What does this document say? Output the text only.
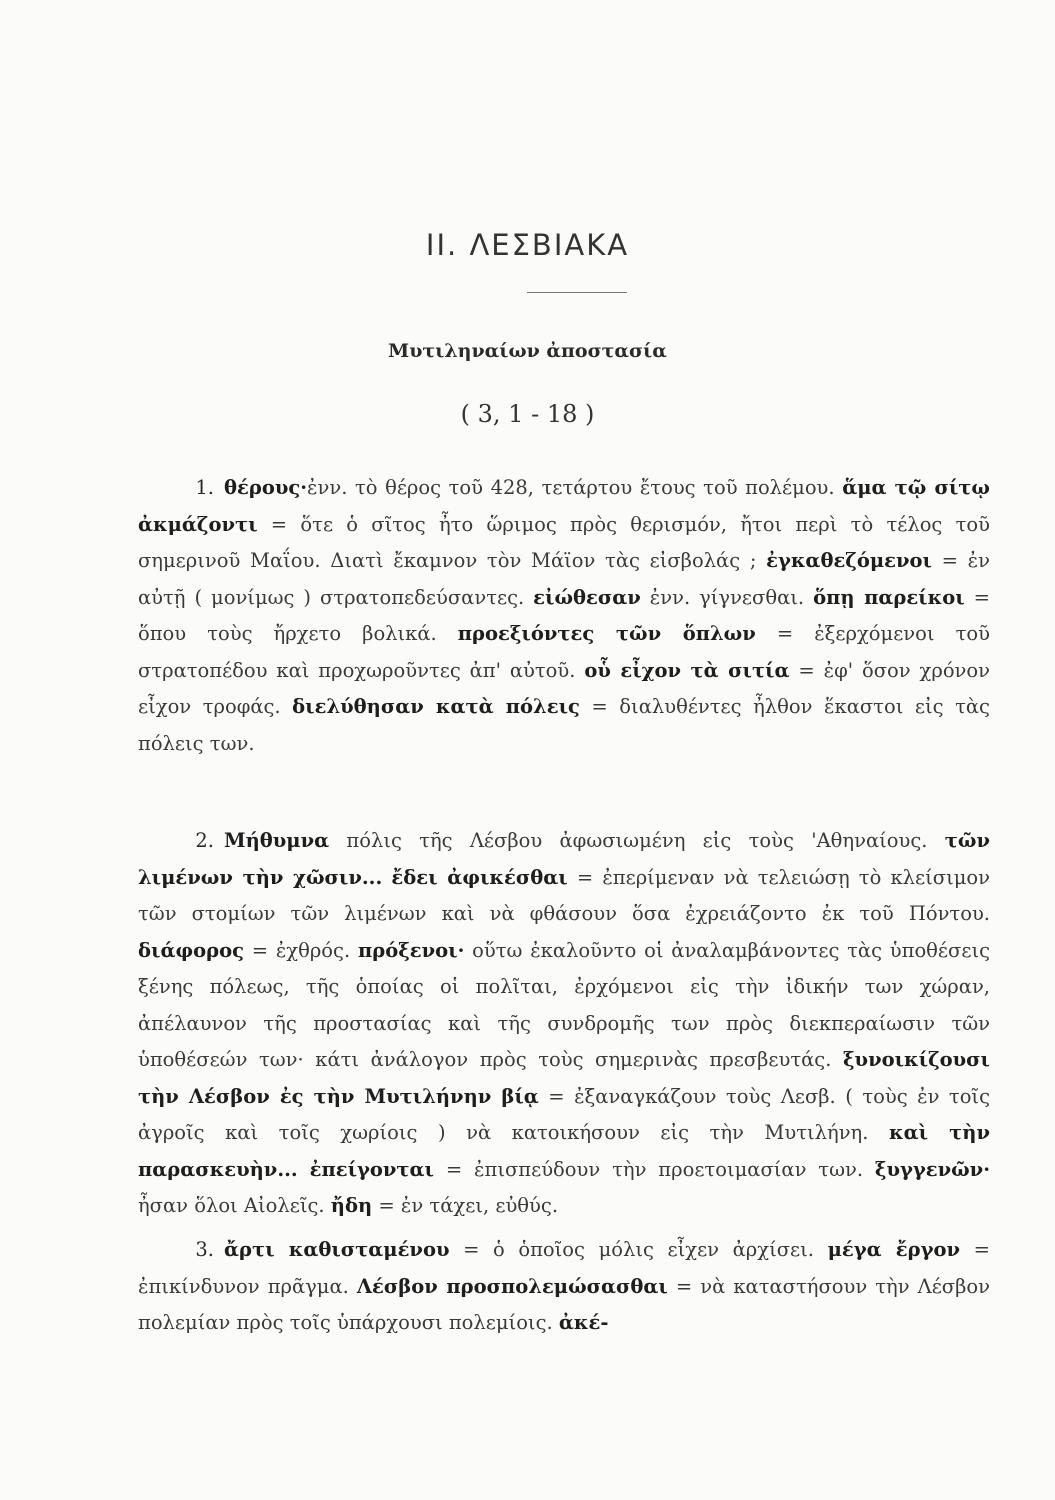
II. ΛΕΣΒΙΑΚΑ
Μυτιληναίων ἀποστασία
( 3, 1 - 18 )

1. θέρους·ἐνν. τὸ θέρος τοῦ 428, τετάρτου ἔτους τοῦ πολέμου. ἅμα τῷ σίτῳ ἀκμάζοντι = ὅτε ὁ σῖτος ἦτο ὥριμος πρὸς θερισμόν, ἤτοι περὶ τὸ τέλος τοῦ σημερινοῦ Μαΐου. Διατὶ ἔκαμνον τὸν Μάϊον τὰς εἰσβολάς ; ἐγκαθεζόμενοι = ἐν αὐτῇ ( μονίμως ) στρατοπεδεύσαντες. εἰώθεσαν ἐνν. γίγνεσθαι. ὅπῃ παρείκοι = ὅπου τοὺς ἤρχετο βολικά. προεξιόντες τῶν ὅπλων = ἐξερχόμενοι τοῦ στρατοπέδου καὶ προχωροῦντες ἀπ' αὐτοῦ. οὗ εἶχον τὰ σιτία = ἐφ' ὅσον χρόνον εἶχον τροφάς. διελύθησαν κατὰ πόλεις = διαλυθέντες ἦλθον ἕκαστοι εἰς τὰς πόλεις των.

2. Μήθυμνα πόλις τῆς Λέσβου ἀφωσιωμένη εἰς τοὺς 'Αθηναίους. τῶν λιμένων τὴν χῶσιν... ἔδει ἀφικέσθαι = ἐπερίμεναν νὰ τελειώσῃ τὸ κλείσιμον τῶν στομίων τῶν λιμένων καὶ νὰ φθάσουν ὅσα ἐχρειάζοντο ἐκ τοῦ Πόντου. διάφορος = ἐχθρός. πρόξενοι· οὕτω ἐκαλοῦντο οἱ ἀναλαμβάνοντες τὰς ὑποθέσεις ξένης πόλεως, τῆς ὁποίας οἱ πολῖται, ἐρχόμενοι εἰς τὴν ἰδικήν των χώραν, ἀπέλαυνον τῆς προστασίας καὶ τῆς συνδρομῆς των πρὸς διεκπεραίωσιν τῶν ὑποθέσεών των· κάτι ἀνάλογον πρὸς τοὺς σημερινὰς πρεσβευτάς. ξυνοικίζουσι τὴν Λέσβον ἐς τὴν Μυτιλήνην βίᾳ = ἐξαναγκάζουν τοὺς Λεσβ. ( τοὺς ἐν τοῖς ἀγροῖς καὶ τοῖς χωρίοις ) νὰ κατοικήσουν εἰς τὴν Μυτιλήνη. καὶ τὴν παρασκευὴν... ἐπείγονται = ἐπισπεύδουν τὴν προετοιμασίαν των. ξυγγενῶν· ἦσαν ὅλοι Αἰολεῖς. ἤδη = ἐν τάχει, εὐθύς.

3. ἄρτι καθισταμένου = ὁ ὁποῖος μόλις εἶχεν ἀρχίσει. μέγα ἔργον = ἐπικίνδυνον πρᾶγμα. Λέσβον προσπολεμώσασθαι = νὰ καταστήσουν τὴν Λέσβον πολεμίαν πρὸς τοῖς ὑπάρχουσι πολεμίοις. ἀκέ-
